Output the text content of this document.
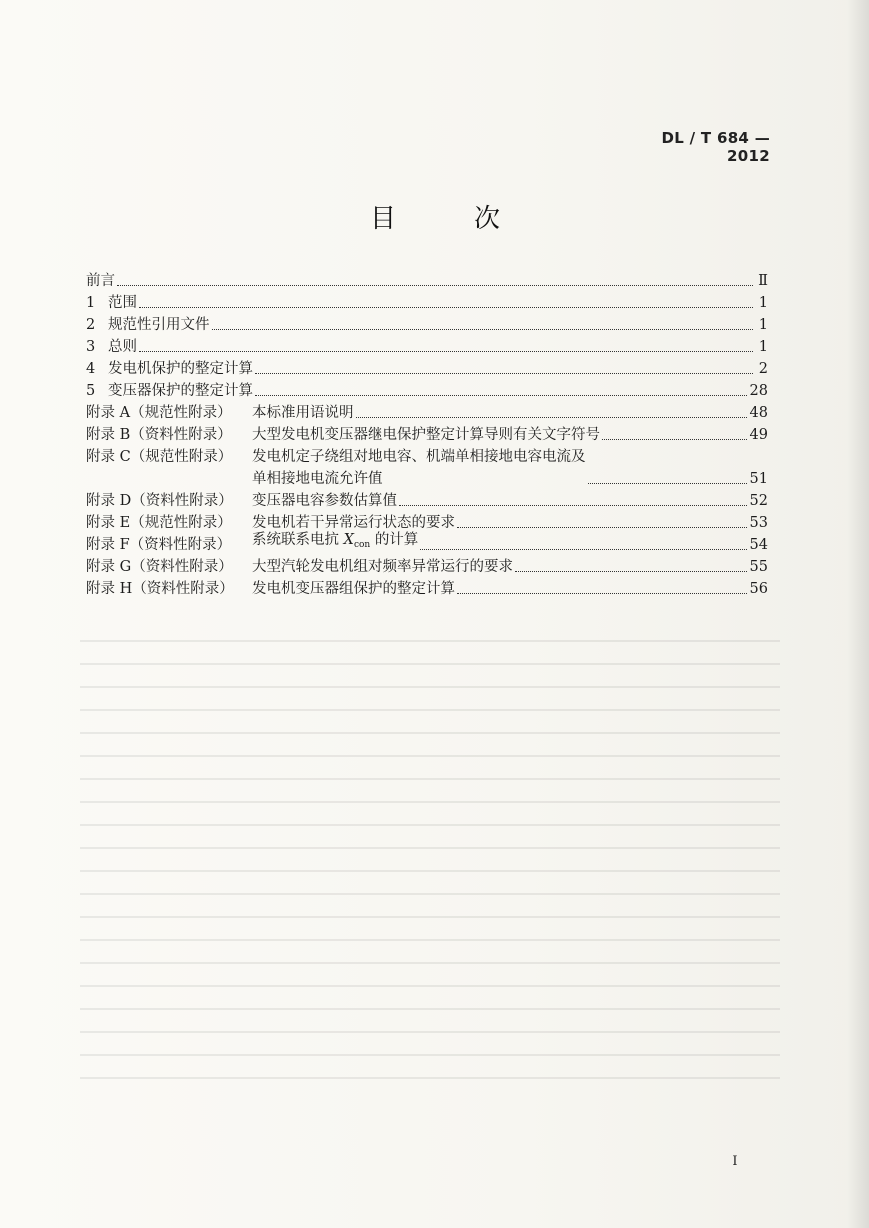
DL / T 684 — 2012
目	次
前言	Ⅱ
1 范围	1
2 规范性引用文件	1
3 总则	1
4 发电机保护的整定计算	2
5 变压器保护的整定计算	28
附录 A（规范性附录）	本标准用语说明	48
附录 B（资料性附录）	大型发电机变压器继电保护整定计算导则有关文字符号	49
附录 C（规范性附录）	发电机定子绕组对地电容、机端单相接地电容电流及
单相接地电流允许值	51
附录 D（资料性附录）	变压器电容参数估算值	52
附录 E（规范性附录）	发电机若干异常运行状态的要求	53
附录 F（资料性附录）	系统联系电抗 $X_{con}$ 的计算	54
附录 G（资料性附录）	大型汽轮发电机组对频率异常运行的要求	55
附录 H（资料性附录）	发电机变压器组保护的整定计算	56
I
